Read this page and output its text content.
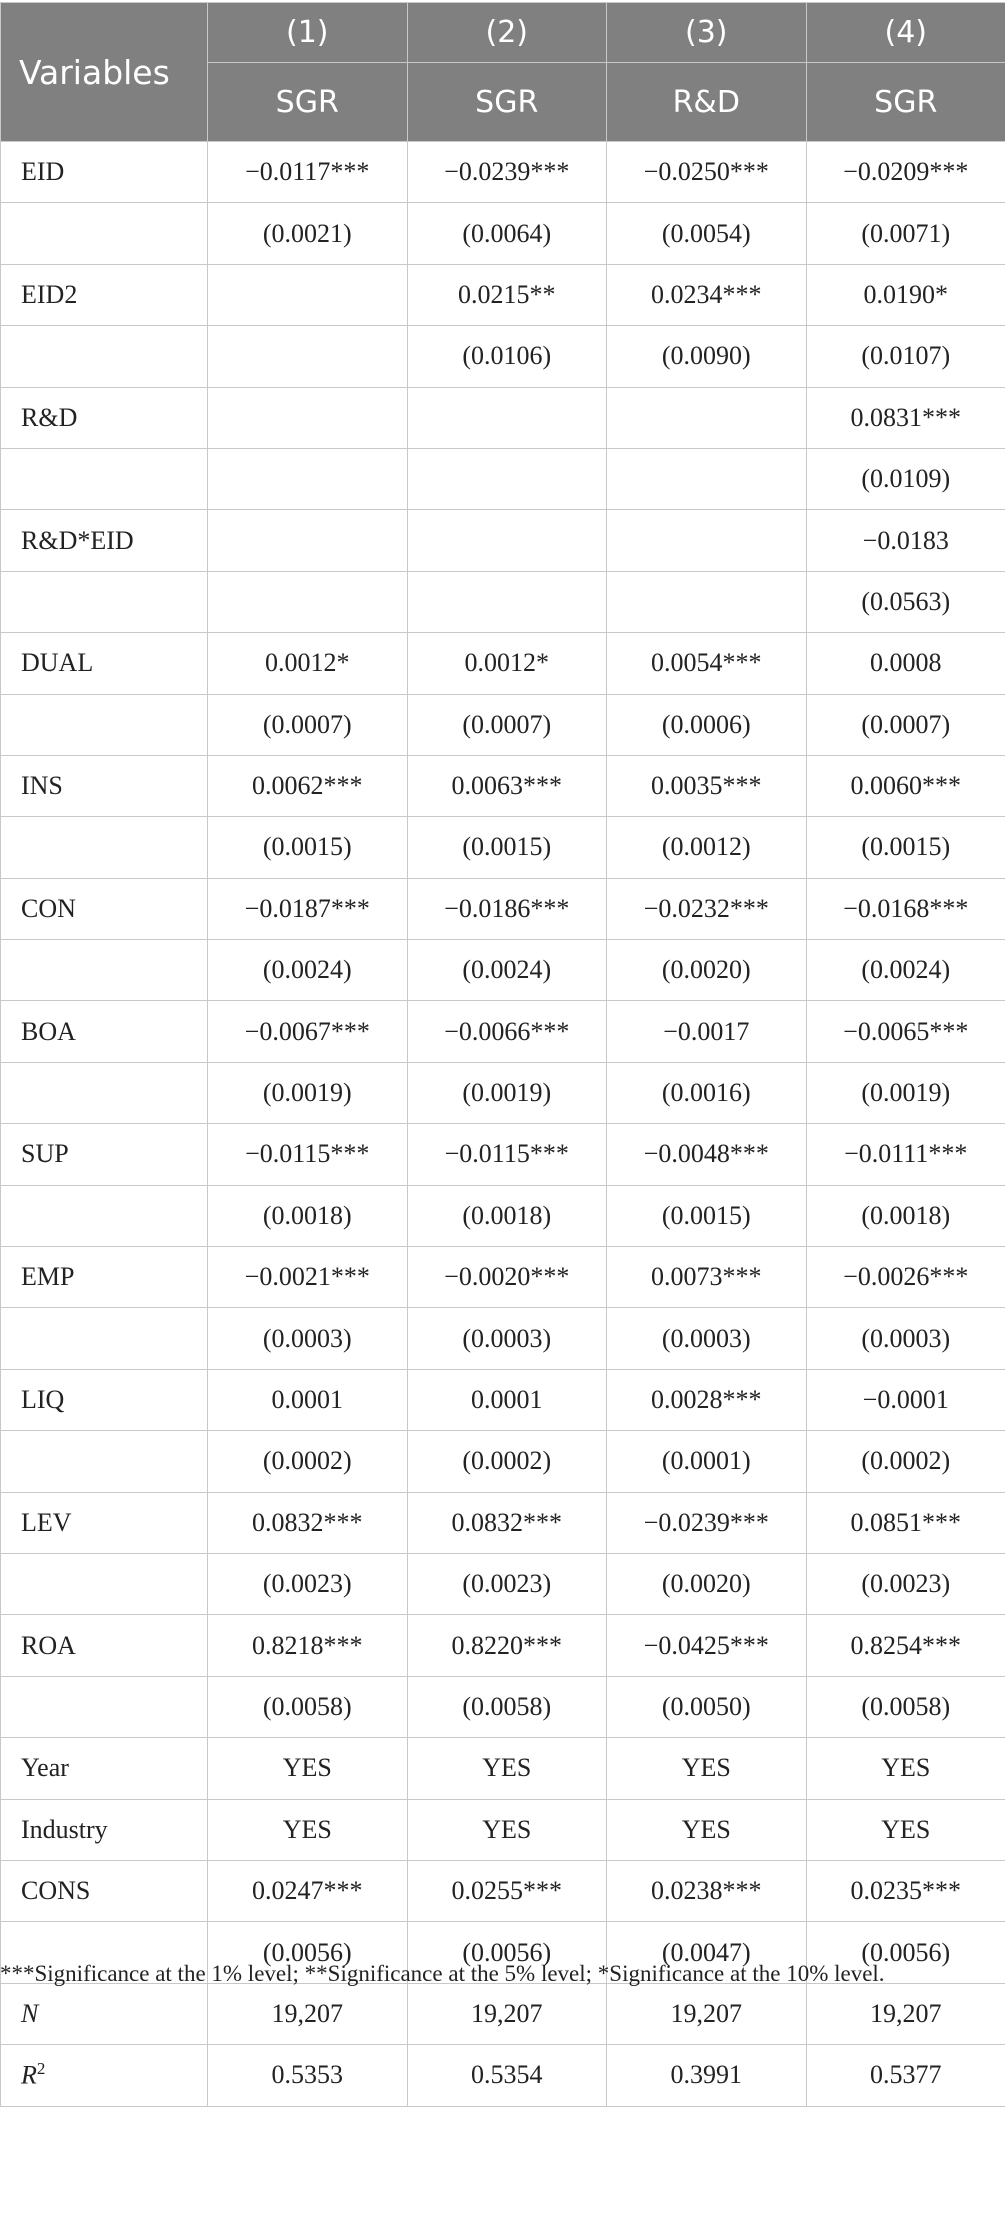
Variables	(1)	(2)	(3)	(4)
	SGR	SGR	R&D	SGR
EID	−0.0117***	−0.0239***	−0.0250***	−0.0209***
	(0.0021)	(0.0064)	(0.0054)	(0.0071)
EID2		0.0215**	0.0234***	0.0190*
		(0.0106)	(0.0090)	(0.0107)
R&D				0.0831***
				(0.0109)
R&D*EID				−0.0183
				(0.0563)
DUAL	0.0012*	0.0012*	0.0054***	0.0008
	(0.0007)	(0.0007)	(0.0006)	(0.0007)
INS	0.0062***	0.0063***	0.0035***	0.0060***
	(0.0015)	(0.0015)	(0.0012)	(0.0015)
CON	−0.0187***	−0.0186***	−0.0232***	−0.0168***
	(0.0024)	(0.0024)	(0.0020)	(0.0024)
BOA	−0.0067***	−0.0066***	−0.0017	−0.0065***
	(0.0019)	(0.0019)	(0.0016)	(0.0019)
SUP	−0.0115***	−0.0115***	−0.0048***	−0.0111***
	(0.0018)	(0.0018)	(0.0015)	(0.0018)
EMP	−0.0021***	−0.0020***	0.0073***	−0.0026***
	(0.0003)	(0.0003)	(0.0003)	(0.0003)
LIQ	0.0001	0.0001	0.0028***	−0.0001
	(0.0002)	(0.0002)	(0.0001)	(0.0002)
LEV	0.0832***	0.0832***	−0.0239***	0.0851***
	(0.0023)	(0.0023)	(0.0020)	(0.0023)
ROA	0.8218***	0.8220***	−0.0425***	0.8254***
	(0.0058)	(0.0058)	(0.0050)	(0.0058)
Year	YES	YES	YES	YES
Industry	YES	YES	YES	YES
CONS	0.0247***	0.0255***	0.0238***	0.0235***
	(0.0056)	(0.0056)	(0.0047)	(0.0056)
N	19,207	19,207	19,207	19,207
$R^2$	0.5353	0.5354	0.3991	0.5377
***Significance at the 1% level; **Significance at the 5% level; *Significance at the 10% level.
